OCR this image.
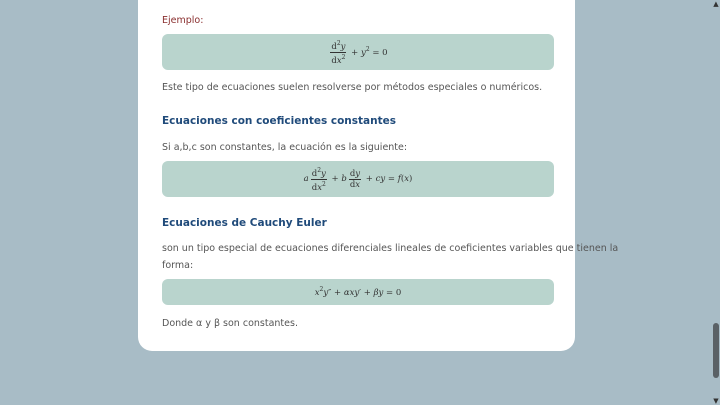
Ejemplo:
$\frac{d^2y}{dx^2} + y^2 = 0$
Este tipo de ecuaciones suelen resolverse por métodos especiales o numéricos.
Ecuaciones con coeficientes constantes
Si a,b,c son constantes, la ecuación es la siguiente:
a $\frac{d^2y}{dx^2} + b \frac{dy}{dx}$ + cy = f(x)
Ecuaciones de Cauchy Euler
son un tipo especial de ecuaciones diferenciales lineales de coeficientes variables que tienen la
forma:
$x^2y'' + \alpha xy' + \beta y = 0$
Donde α y β son constantes.
▲
▼
